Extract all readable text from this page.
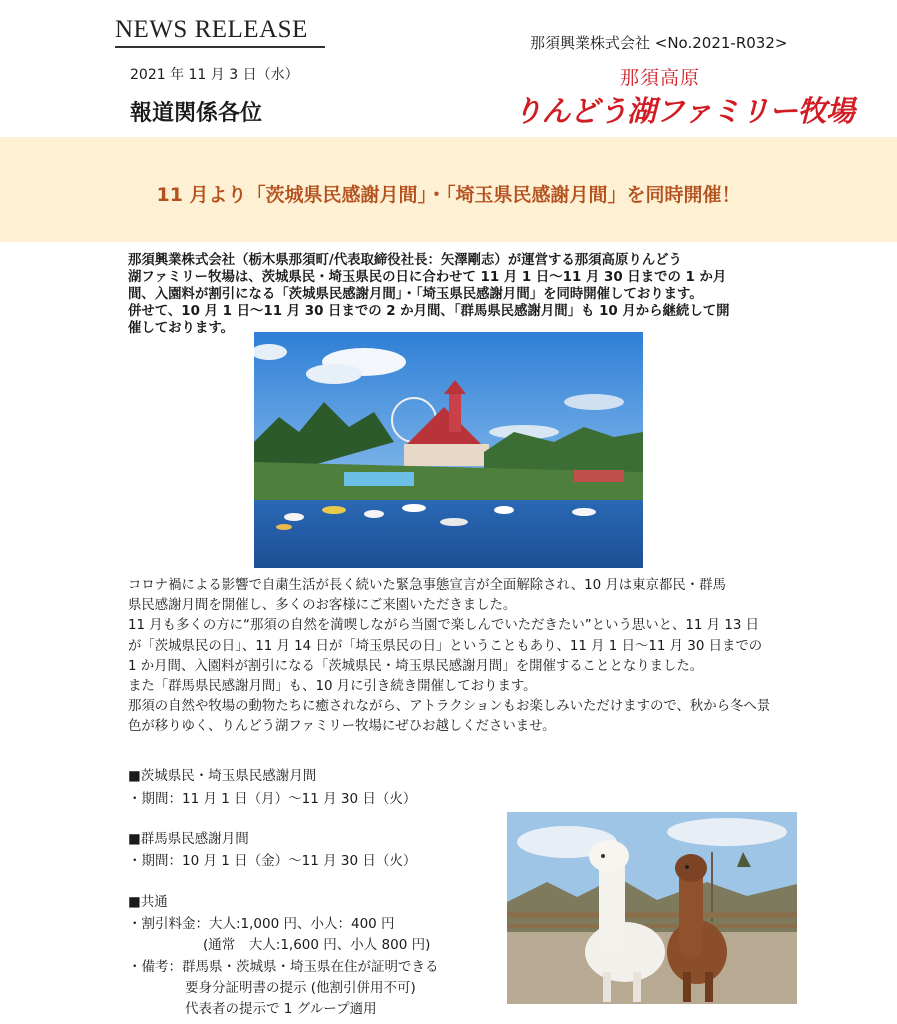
NEWS RELEASE
2021 年 11 月 3 日（水）
報道関係各位
那須興業株式会社 <No.2021-R032>
那須高原
りんどう湖ファミリー牧場
11 月より「茨城県民感謝月間」・「埼玉県民感謝月間」を同時開催！
那須興業株式会社（栃木県那須町/代表取締役社長：矢澤剛志）が運営する那須高原りんどう
湖ファミリー牧場は、茨城県民・埼玉県民の日に合わせて 11 月 1 日～11 月 30 日までの 1 か月
間、入園料が割引になる「茨城県民感謝月間」・「埼玉県民感謝月間」を同時開催しております。
併せて、10 月 1 日～11 月 30 日までの 2 か月間、「群馬県民感謝月間」も 10 月から継続して開
催しております。

コロナ禍による影響で自粛生活が長く続いた緊急事態宣言が全面解除され、10 月は東京都民・群馬

県民感謝月間を開催し、多くのお客様にご来園いただきました。

11 月も多くの方に“那須の自然を満喫しながら当園で楽しんでいただきたい”という思いと、11 月 13 日

が「茨城県民の日」、11 月 14 日が「埼玉県民の日」ということもあり、11 月 1 日～11 月 30 日までの

1 か月間、入園料が割引になる「茨城県民・埼玉県民感謝月間」を開催することとなりました。

また「群馬県民感謝月間」も、10 月に引き続き開催しております。

那須の自然や牧場の動物たちに癒されながら、アトラクションもお楽しみいただけますので、秋から冬へ景

色が移りゆく、りんどう湖ファミリー牧場にぜひお越しくださいませ。

■茨城県民・埼玉県民感謝月間
・期間：11 月 1 日（月）～11 月 30 日（火）
■群馬県民感謝月間
・期間：10 月 1 日（金）～11 月 30 日（火）
■共通
・割引料金：大人:1,000 円、小人：400 円
(通常　大人:1,600 円、小人 800 円)
・備考：群馬県・茨城県・埼玉県在住が証明できる
要身分証明書の提示 (他割引併用不可)
代表者の提示で 1 グループ適用
